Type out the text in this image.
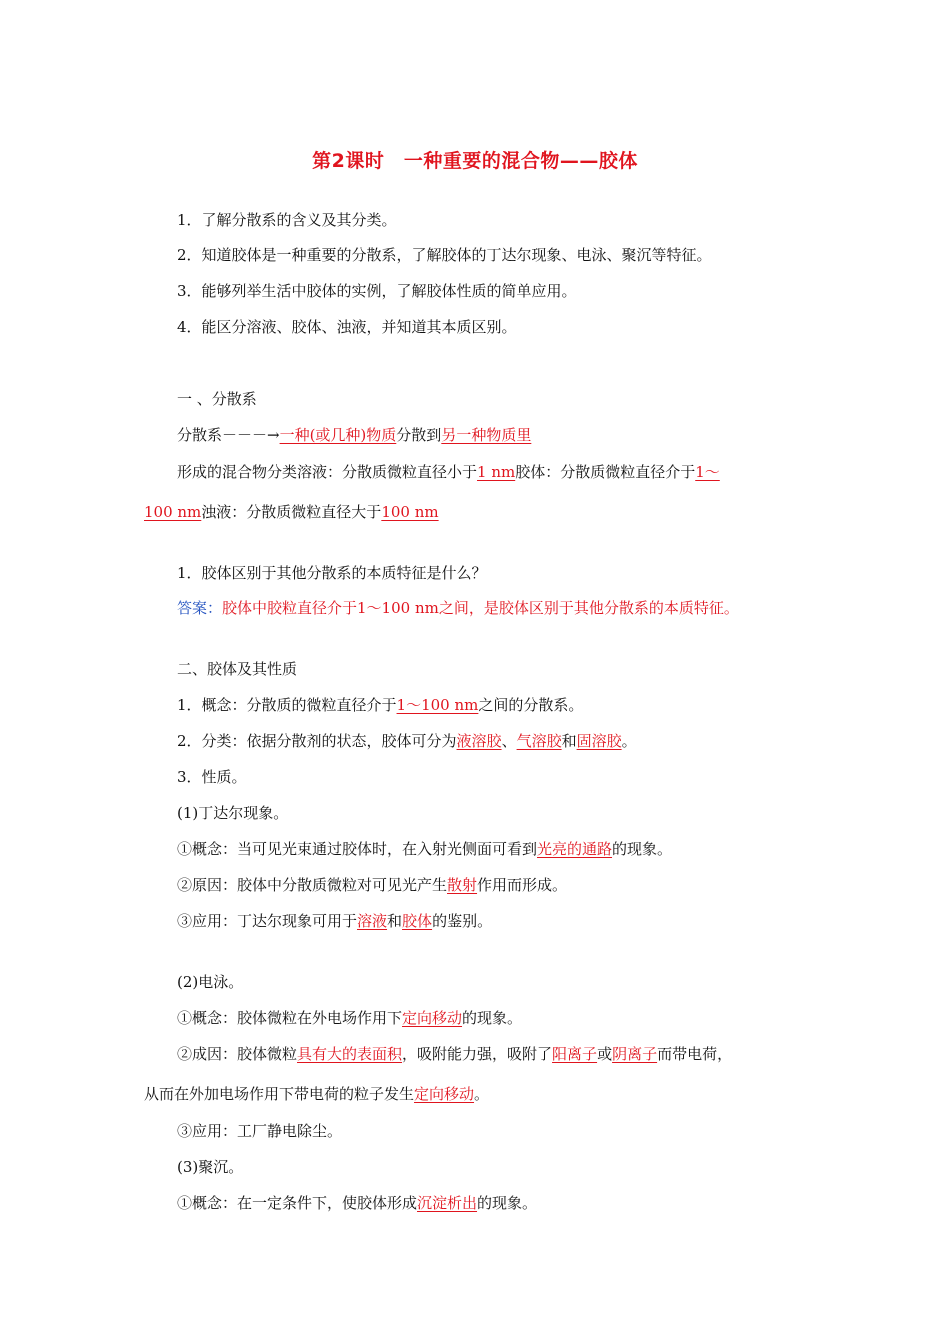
第2课时　一种重要的混合物——胶体
1．了解分散系的含义及其分类。
2．知道胶体是一种重要的分散系，了解胶体的丁达尔现象、电泳、聚沉等特征。
3．能够列举生活中胶体的实例，了解胶体性质的简单应用。
4．能区分溶液、胶体、浊液，并知道其本质区别。
一 、分散系
分散系－－－→一种(或几种)物质分散到另一种物质里
形成的混合物分类溶液：分散质微粒直径小于1 nm胶体：分散质微粒直径介于1～
100 nm浊液：分散质微粒直径大于100 nm
1．胶体区别于其他分散系的本质特征是什么？
答案：胶体中胶粒直径介于1～100 nm之间，是胶体区别于其他分散系的本质特征。
二、胶体及其性质
1．概念：分散质的微粒直径介于1～100 nm之间的分散系。
2．分类：依据分散剂的状态，胶体可分为液溶胶、气溶胶和固溶胶。
3．性质。
(1)丁达尔现象。
①概念：当可见光束通过胶体时，在入射光侧面可看到光亮的通路的现象。
②原因：胶体中分散质微粒对可见光产生散射作用而形成。
③应用：丁达尔现象可用于溶液和胶体的鉴别。
(2)电泳。
①概念：胶体微粒在外电场作用下定向移动的现象。
②成因：胶体微粒具有大的表面积，吸附能力强，吸附了阳离子或阴离子而带电荷，
从而在外加电场作用下带电荷的粒子发生定向移动。
③应用：工厂静电除尘。
(3)聚沉。
①概念：在一定条件下，使胶体形成沉淀析出的现象。
